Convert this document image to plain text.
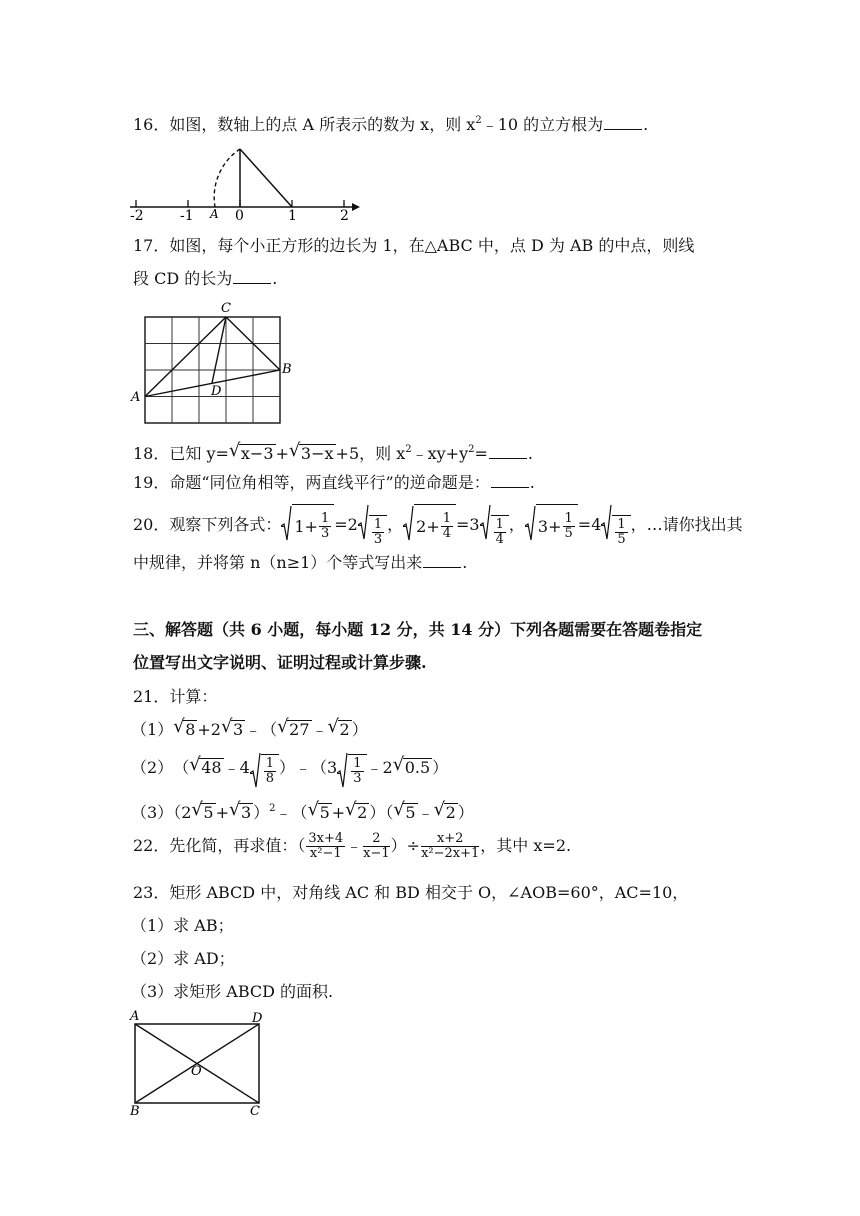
16．如图，数轴上的点 A 所表示的数为 x，则 $x^2﹣10$ 的立方根为	.
-2	-1 A 0	1	2
17．如图，每个小正方形的边长为 1，在△ABC 中，点 D 为 AB 的中点，则线
段 CD 的长为	.
C
B
A	D
18．已知 y= √ x−3 + √ 3−x +5，则 $x^2﹣xy+y^2=$	.
19．命题“同位角相等，两直线平行”的逆命题是：	.
20．观察下列各式： $1+ \frac{1}{3} =2$ 1
3
， $2+ \frac{1}{4} =3$ 1
4
， $3+ \frac{1}{5} =4$ 1
5
，…请你找出其
中规律，并将第 n（n≥1）个等式写出来	.
三、解答题（共 6 小题，每小题 12 分，共 14 分）下列各题需要在答题卷指定
位置写出文字说明、证明过程或计算步骤.
21．计算：
（1） √ 8 +2 √ 3 ﹣（ √ 27 ﹣ √ 2 ）
（2） （ √ 48 ﹣4 1
8
）﹣（3 1
3
﹣2 √ 0.5 ）
（3）（2 √ 5 + √ 3 ）$^2$﹣（ √ 5 + √ 2 ）（ √ 5 ﹣ √ 2 ）
22．先化简，再求值：（ 3x+4
x²−1 ﹣ 2
x−1 ）÷ $\frac{x+2}{\text{x²−2x+1}}$ ，其中 x=2.
23．矩形 ABCD 中，对角线 AC 和 BD 相交于 O，∠AOB=60°，AC=10，
（1）求 AB；
（2）求 AD；
（3）求矩形 ABCD 的面积.
A	D
O
B	C
